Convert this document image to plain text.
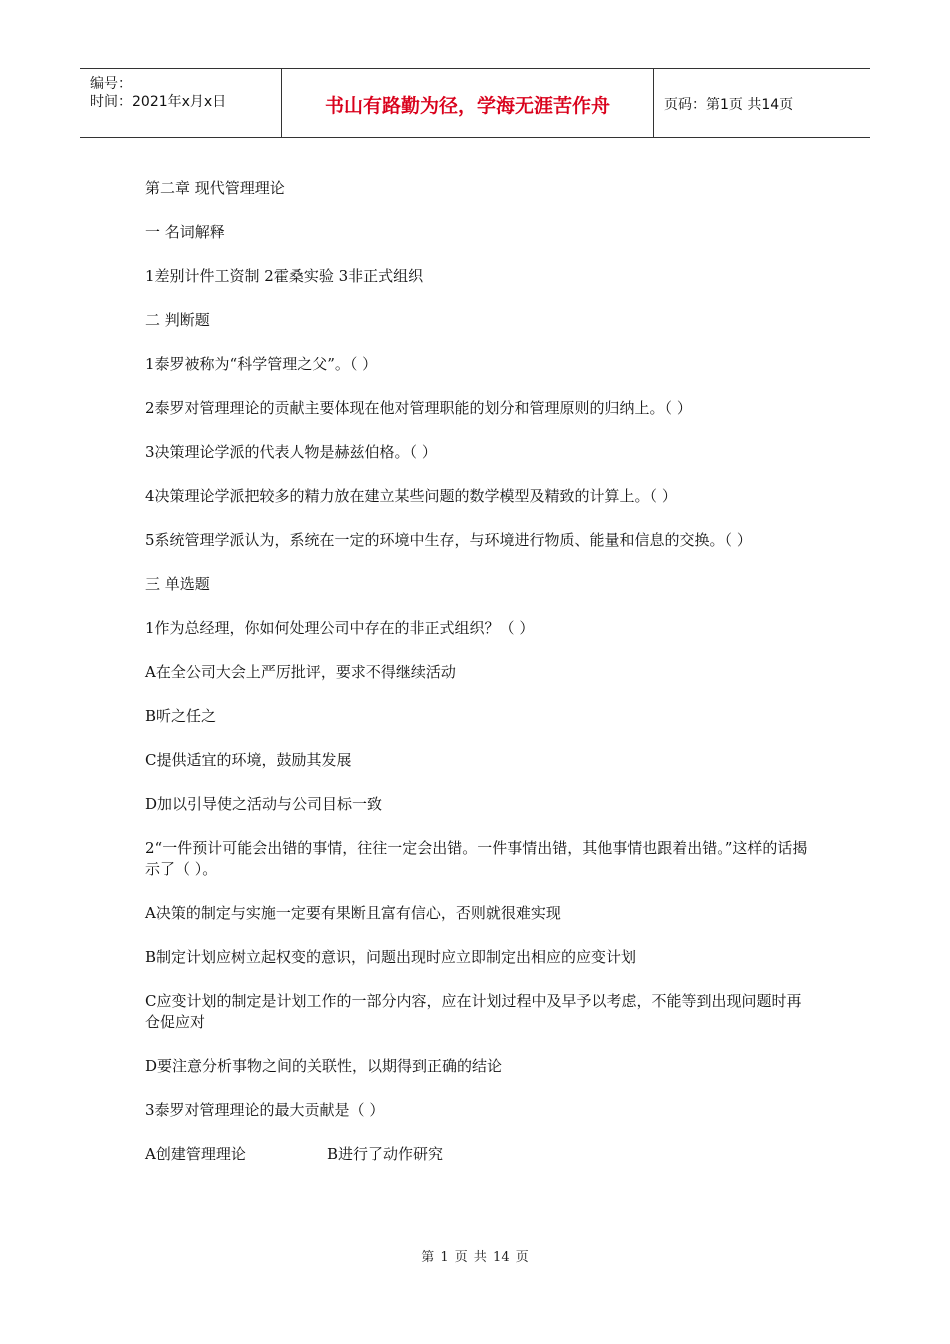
编号：
时间：2021年x月x日	书山有路勤为径，学海无涯苦作舟	页码：第1页 共14页

第二章 现代管理理论

一 名词解释

1差别计件工资制 2霍桑实验 3非正式组织

二 判断题

1泰罗被称为“科学管理之父”。（ ）

2泰罗对管理理论的贡献主要体现在他对管理职能的划分和管理原则的归纳上。（ ）

3决策理论学派的代表人物是赫兹伯格。（ ）

4决策理论学派把较多的精力放在建立某些问题的数学模型及精致的计算上。（ ）

5系统管理学派认为，系统在一定的环境中生存，与环境进行物质、能量和信息的交换。（ ）

三 单选题

1作为总经理，你如何处理公司中存在的非正式组织？（ ）

A在全公司大会上严厉批评，要求不得继续活动

B听之任之

C提供适宜的环境，鼓励其发展

D加以引导使之活动与公司目标一致

2“一件预计可能会出错的事情，往往一定会出错。一件事情出错，其他事情也跟着出错。”这样的话揭示了（ ）。

A决策的制定与实施一定要有果断且富有信心，否则就很难实现

B制定计划应树立起权变的意识，问题出现时应立即制定出相应的应变计划

C应变计划的制定是计划工作的一部分内容，应在计划过程中及早予以考虑，不能等到出现问题时再仓促应对

D要注意分析事物之间的关联性，以期得到正确的结论

3泰罗对管理理论的最大贡献是（ ）

A创建管理理论	B进行了动作研究

第 1 页 共 14 页
